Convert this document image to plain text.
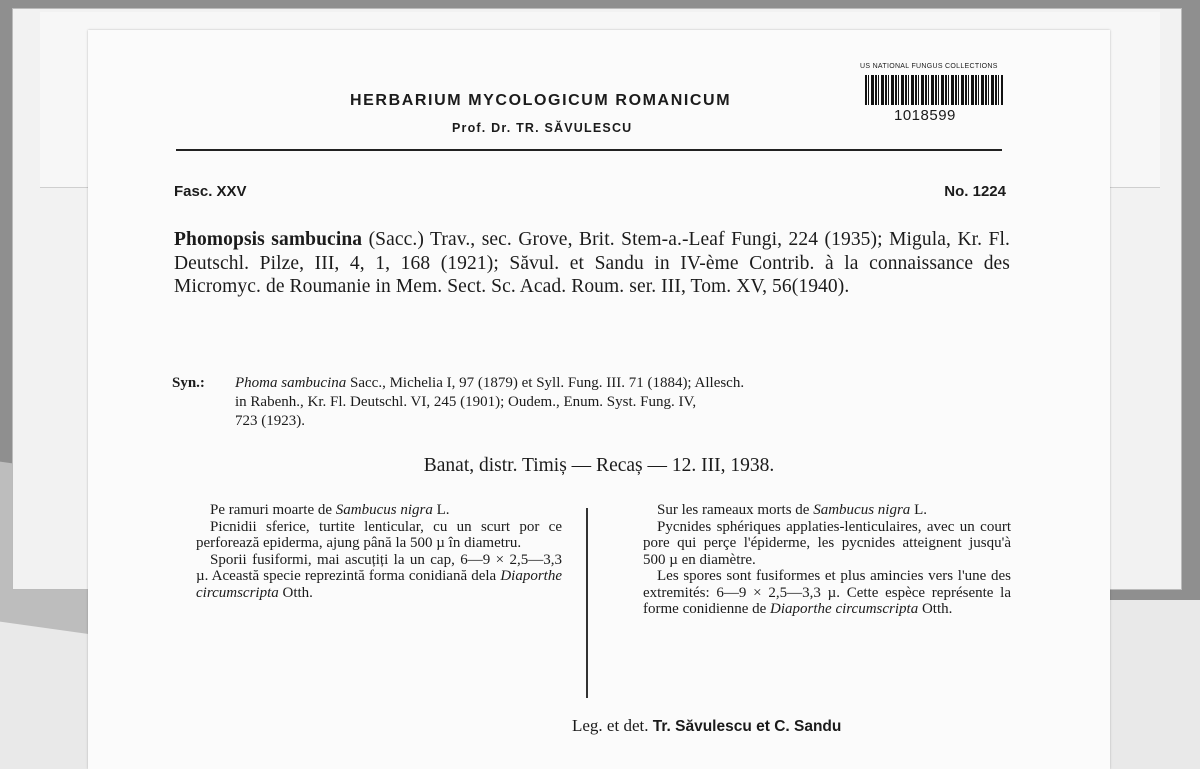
HERBARIUM MYCOLOGICUM ROMANICUM
Prof. Dr. TR. SĂVULESCU
US NATIONAL FUNGUS COLLECTIONS
1018599
Fasc. XXV	No. 1224
Phomopsis sambucina (Sacc.) Trav., sec. Grove, Brit. Stem-a.-Leaf Fungi, 224 (1935); Migula, Kr. Fl. Deutschl. Pilze, III, 4, 1, 168 (1921); Săvul. et Sandu in IV-ème Contrib. à la connaissance des Micromyc. de Roumanie in Mem. Sect. Sc. Acad. Roum. ser. III, Tom. XV, 56(1940).
Syn.: Phoma sambucina Sacc., Michelia I, 97 (1879) et Syll. Fung. III. 71 (1884); Allesch.
in Rabenh., Kr. Fl. Deutschl. VI, 245 (1901); Oudem., Enum. Syst. Fung. IV,
723 (1923).
Banat, distr. Timiș — Recaș — 12. III, 1938.

Pe ramuri moarte de Sambucus nigra L.

Picnidii sferice, turtite lenticular, cu un scurt por ce perforează epiderma, ajung până la 500 µ în diametru.

Sporii fusiformi, mai ascuțiți la un cap, 6—9 × 2,5—3,3 µ. Această specie reprezintă forma conidiană dela Diaporthe circumscripta Otth.

Sur les rameaux morts de Sambucus nigra L.

Pycnides sphériques applaties-lenticulaires, avec un court pore qui perçe l'épiderme, les pycnides atteignent jusqu'à 500 µ en diamètre.

Les spores sont fusiformes et plus amincies vers l'une des extremités: 6—9 × 2,5—3,3 µ. Cette espèce représente la forme conidienne de Diaporthe circumscripta Otth.

Leg. et det. Tr. Săvulescu et C. Sandu
